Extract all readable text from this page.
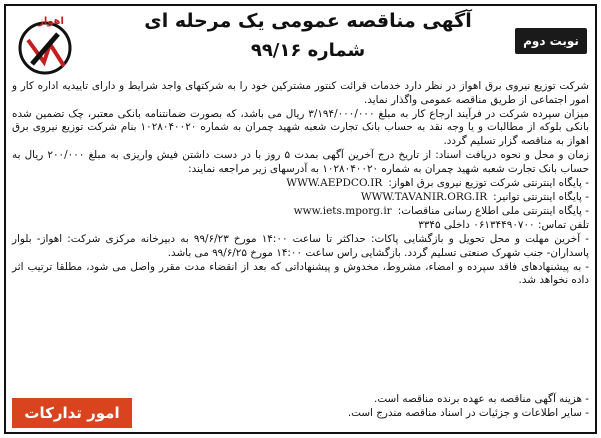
اهواز	آگهی مناقصه عمومی یک مرحله ای
شماره ۹۹/۱۶	نوبت دوم

شرکت توزیع نیروی برق اهواز در نظر دارد خدمات قرائت کنتور مشترکین خود را به شرکتهای واجد شرایط و دارای تاییدیه اداره کار و امور اجتماعی از طریق مناقصه عمومی واگذار نماید.

میزان سپرده شرکت در فرآیند ارجاع کار به مبلغ ۳/۱۹۴/۰۰۰/۰۰۰ ریال می باشد، که بصورت ضمانتنامه بانکی معتبر، چک تضمین شده بانکی بلوکه از مطالبات و یا وجه نقد به حساب بانک تجارت شعبه شهید چمران به شماره ۱۰۲۸۰۴۰۰۲۰ بنام شرکت توزیع نیروی برق اهواز به مناقصه گزار تسلیم گردد.

زمان و محل و نحوه دریافت اسناد: از تاریخ درج آخرین آگهی بمدت ۵ روز با در دست داشتن فیش واریزی به مبلغ ۲۰۰/۰۰۰ ریال به حساب بانک تجارت شعبه شهید چمران به شماره ۱۰۲۸۰۴۰۰۲۰ به آدرسهای زیر مراجعه نمایند:

- پایگاه اینترنتی شرکت توزیع نیروی برق اهواز:
WWW.AEPDCO.IR

- پایگاه اینترنتی توانیر:
WWW.TAVANIR.ORG.IR

- پایگاه اینترنتی ملی اطلاع رسانی مناقصات:
www.iets.mporg.ir

تلفن تماس: ۰۶۱۳۴۴۹۰۷۰۰ داخلی ۳۳۴۵

- آخرین مهلت و محل تحویل و بازگشایی پاکات: حداکثر تا ساعت ۱۴:۰۰ مورخ ۹۹/۶/۲۳ به دبیرخانه مرکزی شرکت: اهواز- بلوار پاسداران- جنب شهرک صنعتی تسلیم گردد. بازگشایی راس ساعت ۱۴:۰۰ مورخ ۹۹/۶/۲۵ می باشد.

- به پیشنهادهای فاقد سپرده و امضاء، مشروط، مخدوش و پیشنهاداتی که بعد از انقضاء مدت مقرر واصل می شود، مطلقا ترتیب اثر داده نخواهد شد.

امور تدارکات

- هزینه آگهی مناقصه به عهده برنده مناقصه است.

- سایر اطلاعات و جزئیات در اسناد مناقصه مندرج است.
